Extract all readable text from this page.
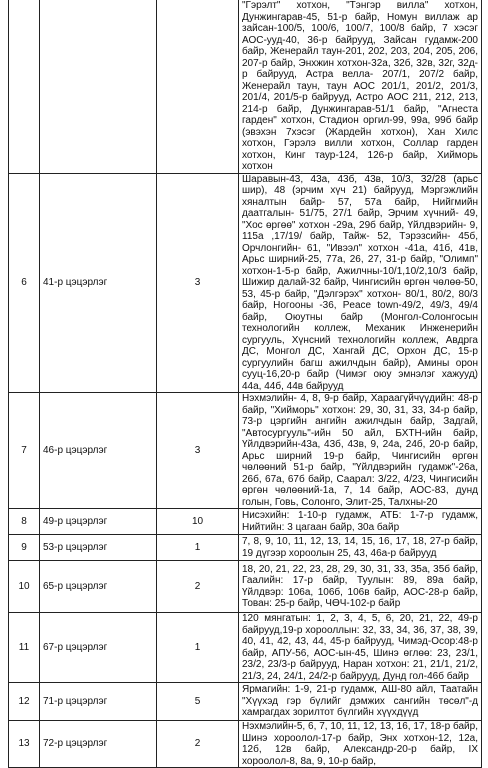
			"Гэрэлт" хотхон, "Тэнгэр вилла" хотхон, Дунжингарав-45, 51-р байр, Номун виллаж ар зайсан-100/5, 100/6, 100/7, 100/8 байр, 7 хэсэг АОС-ууд-40, 36-р байрууд, Зайсан гудамж-200 байр, Женерайл таун-201, 202, 203, 204, 205, 206, 207-р байр, Энхжин хотхон-32а, 32б, 32в, 32г, 32д-р байрууд, Астра велла- 207/1, 207/2 байр, Женерайл таун, таун АОС 201/1, 201/2, 201/3, 201/4, 201/5-р байрууд, Астро АОС 211, 212, 213, 214-р байр, Дунжингарав-51/1 байр, "Агнеста гарден" хотхон, Стадион оргил-99, 99а, 99б байр (эвэхэн 7хэсэг (Жардейн хотхон), Хан Хилс хотхон, Гэрэлэ вилли хотхон, Соллар гарден хотхон, Кинг таур-124, 126-р байр, Хийморь хотхон
6	41-р цэцэрлэг	3	Шаравын-43, 43а, 43б, 43в, 10/3, 32/28 (арьс шир), 48 (эрчим хүч 21) байрууд, Мэргэжлийн хяналтын байр- 57, 57а байр, Нийгмийн даатгалын- 51/75, 27/1 байр, Эрчим хүчний- 49, "Хос өргөө" хотхон -29а, 29б байр, Үйлдвэрийн- 9, 115а ,17/19/ байр, Тайж- 52, Тэрэзсийн- 45б, Орчлонгийн- 61, "Ивээл" хотхон -41а, 41б, 41в, Арьс ширний-25, 77а, 26, 27, 31-р байр, "Олимп" хотхон-1-5-р байр, Ажилчны-10/1,10/2,10/3 байр, Шижир далай-32 байр, Чингисийн өргөн чөлөө-50, 53, 45-р байр, "Дэлгэрэх" хотхон- 80/1, 80/2, 80/3 байр, Ногооны -36, Peace town-49/2, 49/3, 49/4 байр, Оюутны байр (Монгол-Солонгосын технологийн коллеж, Механик Инженерийн сургууль, Хүнсний технологийн коллеж, Авдрга ДС, Монгол ДС, Хангай ДС, Орхон ДС, 15-р сургуулийн багш ажилчдын байр), Амины орон сууц-16,20-р байр (Чимэг оюу эмнэлэг хажууд) 44а, 44б, 44в байрууд
7	46-р цэцэрлэг	3	Нэхмэлийн- 4, 8, 9-р байр, Хараагүйчүүдийн: 48-р байр, "Хийморь" хотхон: 29, 30, 31, 33, 34-р байр, 73-р цэргийн ангийн ажилчдын байр, Задгай, "Автосургууль"-ийн 50 айл, БХТН-ийн байр, Үйлдвэрийн-43а, 43б, 43в, 9, 24а, 24б, 20-р байр, Арьс ширний 19-р байр, Чингисийн өргөн чөлөөний 51-р байр, "Үйлдвэрийн гудамж"-26а, 26б, 67а, 67б байр, Саарал: 3/22, 4/23, Чингисийн өргөн чөлөөний-1а, 7, 14 байр, АОС-83, дунд голын, Говь, Солонго, Элит-25, Талхны-20
8	49-р цэцэрлэг	10	Нисэхийн: 1-10-р гудамж, АТБ: 1-7-р гудамж, Нийтийн: 3 цагаан байр, 30а байр
9	53-р цэцэрлэг	1	7, 8, 9, 10, 11, 12, 13, 14, 15, 16, 17, 18, 27-р байр, 19 дүгээр хороолын 25, 43, 46а-р байрууд
10	65-р цэцэрлэг	2	18, 20, 21, 22, 23, 28, 29, 30, 31, 33, 35а, 35б байр, Гаалийн: 17-р байр, Туулын: 89, 89а байр, Үйлдвэр: 106а, 106б, 106в байр, АОС-28-р байр, Тован: 25-р байр, ЧӨЧ-102-р байр
11	67-р цэцэрлэг	1	120 мянгатын: 1, 2, 3, 4, 5, 6, 20, 21, 22, 49-р байрууд,19-р хорооллын: 32, 33, 34, 36, 37, 38, 39, 40, 41, 42, 43, 44, 45-р байрууд, Чимэд-Осор:48-р байр, АПУ-56, АОС-ын-45, Шинэ өглөө: 23, 23/1, 23/2, 23/3-р байрууд, Наран хотхон: 21, 21/1, 21/2, 21/3, 24, 24/1, 24/2-р байрууд, Дунд гол-46б байр
12	71-р цэцэрлэг	5	Ярмагийн: 1-9, 21-р гудамж, АШ-80 айл, Таатайн "Хүүхэд гэр бүлийг дэмжих сангийн төсөл"-д хамрагдах зорилтот бүлгийн хүүхдүүд
13	72-р цэцэрлэг	2	Нэхмэлийн-5, 6, 7, 10, 11, 12, 13, 16, 17, 18-р байр, Шинэ хороолол-17-р байр, Энх хотхон-12, 12а, 12б, 12в байр, Александр-20-р байр, IX хороолол-8, 8а, 9, 10-р байр,
